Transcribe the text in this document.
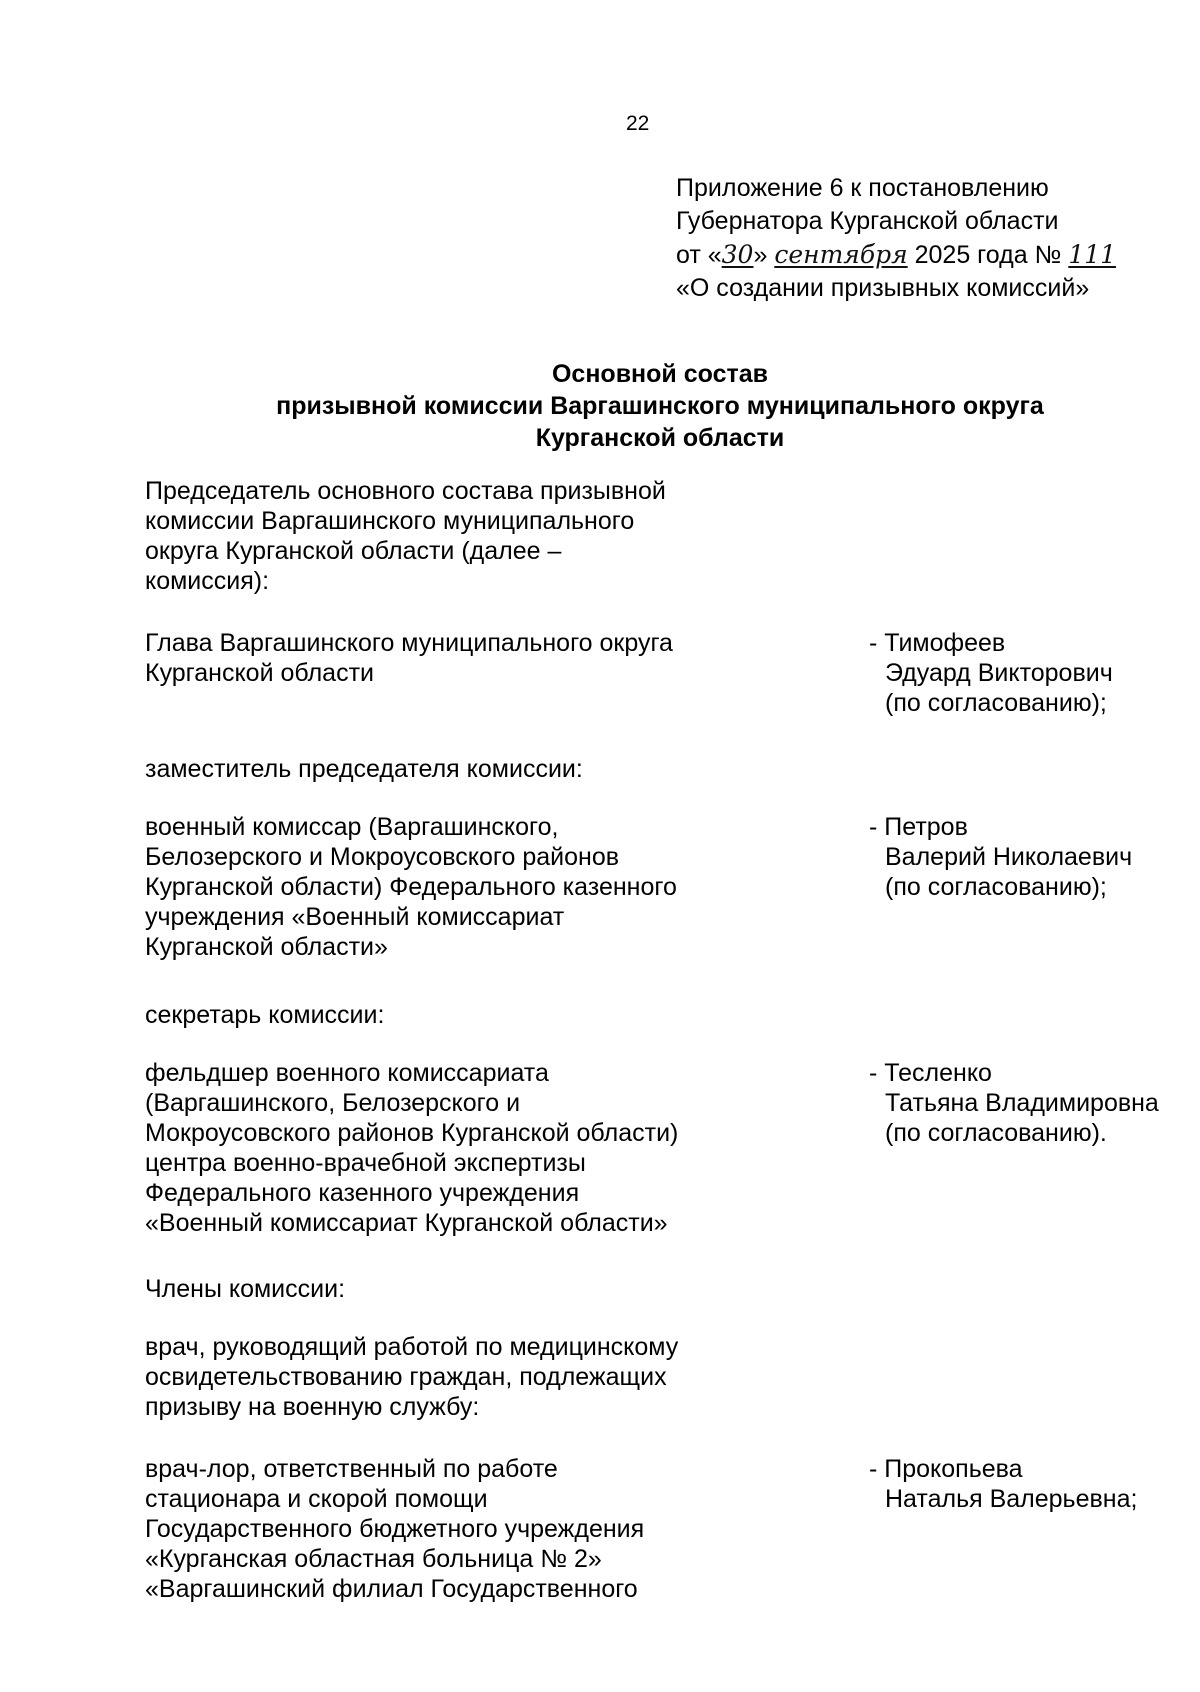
22
Приложение 6 к постановлению
Губернатора Курганской области
от «30» сентября 2025 года № 111
«О создании призывных комиссий»
Основной состав
призывной комиссии Варгашинского муниципального округа
Курганской области
Председатель основного состава призывной
комиссии Варгашинского муниципального
округа Курганской области (далее –
комиссия):
Глава Варгашинского муниципального округа
Курганской области
- Тимофеев
Эдуард Викторович
(по согласованию);
заместитель председателя комиссии:
военный комиссар (Варгашинского,
Белозерского и Мокроусовского районов
Курганской области) Федерального казенного
учреждения «Военный комиссариат
Курганской области»
- Петров
Валерий Николаевич
(по согласованию);
секретарь комиссии:
фельдшер военного комиссариата
(Варгашинского, Белозерского и
Мокроусовского районов Курганской области)
центра военно-врачебной экспертизы
Федерального казенного учреждения
«Военный комиссариат Курганской области»
- Тесленко
Татьяна Владимировна
(по согласованию).
Члены комиссии:
врач, руководящий работой по медицинскому
освидетельствованию граждан, подлежащих
призыву на военную службу:
врач-лор, ответственный по работе
стационара и скорой помощи
Государственного бюджетного учреждения
«Курганская областная больница № 2»
«Варгашинский филиал Государственного
- Прокопьева
Наталья Валерьевна;
